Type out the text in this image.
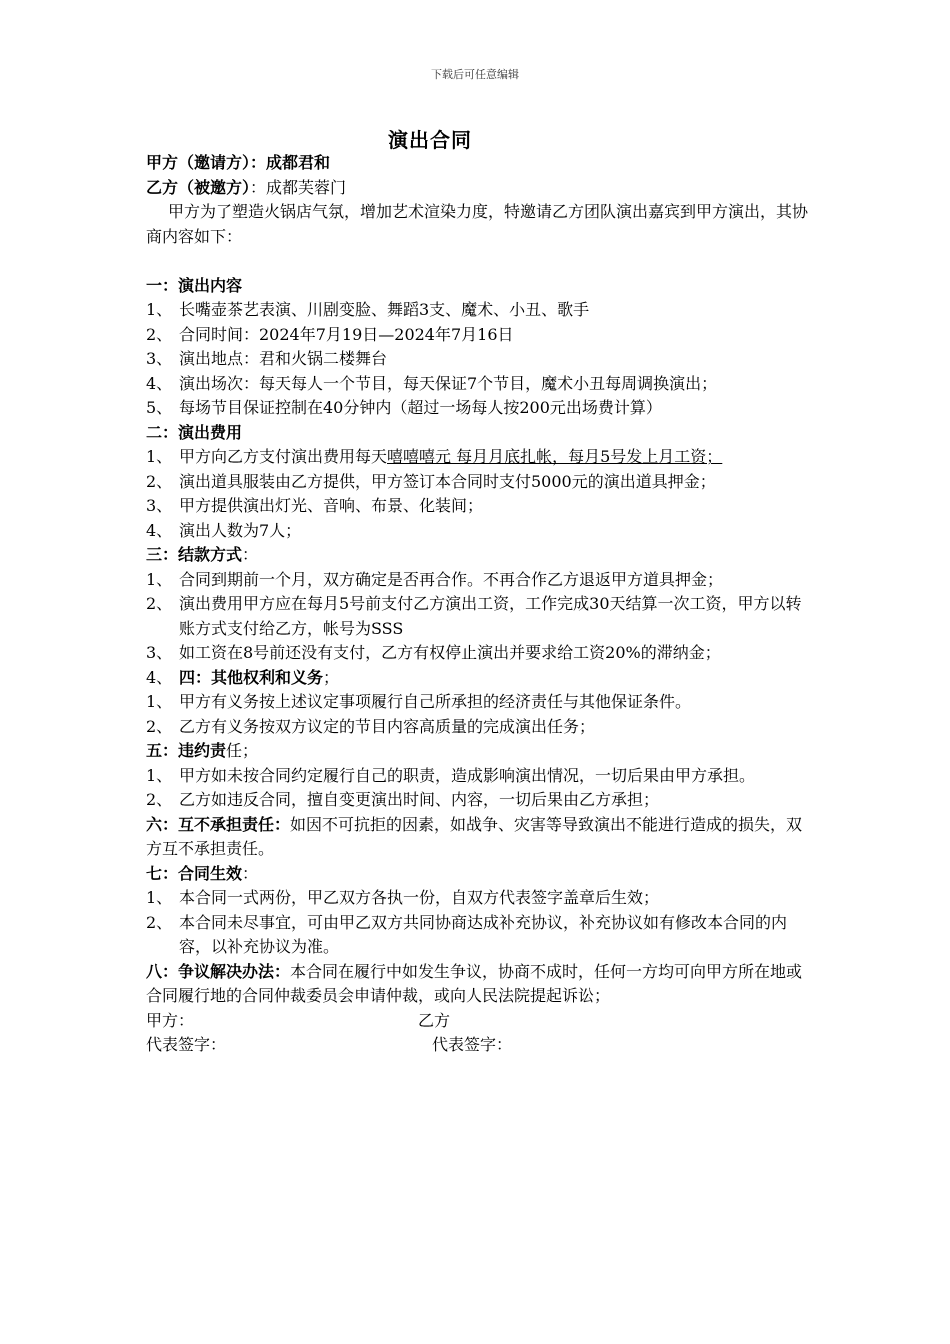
下载后可任意编辑
演出合同

甲方（邀请方）：成都君和

乙方（被邀方）：成都芙蓉门

甲方为了塑造火锅店气氛，增加艺术渲染力度，特邀请乙方团队演出嘉宾到甲方演出，其协商内容如下：

一：演出内容

1、 长嘴壶茶艺表演、川剧变脸、舞蹈3支、魔术、小丑、歌手
2、 合同时间：2024年7月19日—2024年7月16日
3、 演出地点：君和火锅二楼舞台
4、 演出场次：每天每人一个节目，每天保证7个节目，魔术小丑每周调换演出；
5、 每场节目保证控制在40分钟内（超过一场每人按200元出场费计算）

二：演出费用

1、 甲方向乙方支付演出费用每天嘻嘻嘻元 每月月底扎帐，每月5号发上月工资；
2、 演出道具服装由乙方提供，甲方签订本合同时支付5000元的演出道具押金；
3、 甲方提供演出灯光、音响、布景、化装间；
4、 演出人数为7人；

三：结款方式：

1、 合同到期前一个月，双方确定是否再合作。不再合作乙方退返甲方道具押金；
2、 演出费用甲方应在每月5号前支付乙方演出工资，工作完成30天结算一次工资，甲方以转账方式支付给乙方，帐号为SSS
3、 如工资在8号前还没有支付，乙方有权停止演出并要求给工资20%的滞纳金；
4、 四：其他权利和义务；
1、 甲方有义务按上述议定事项履行自己所承担的经济责任与其他保证条件。
2、 乙方有义务按双方议定的节目内容高质量的完成演出任务；

五：违约责任；

1、 甲方如未按合同约定履行自己的职责，造成影响演出情况，一切后果由甲方承担。
2、 乙方如违反合同，擅自变更演出时间、内容，一切后果由乙方承担；

六：互不承担责任：如因不可抗拒的因素，如战争、灾害等导致演出不能进行造成的损失，双方互不承担责任。

七：合同生效：

1、 本合同一式两份，甲乙双方各执一份，自双方代表签字盖章后生效；
2、 本合同未尽事宜，可由甲乙双方共同协商达成补充协议，补充协议如有修改本合同的内容，以补充协议为准。

八：争议解决办法：本合同在履行中如发生争议，协商不成时，任何一方均可向甲方所在地或合同履行地的合同仲裁委员会申请仲裁，或向人民法院提起诉讼；

甲方：	乙方
代表签字：	代表签字：
